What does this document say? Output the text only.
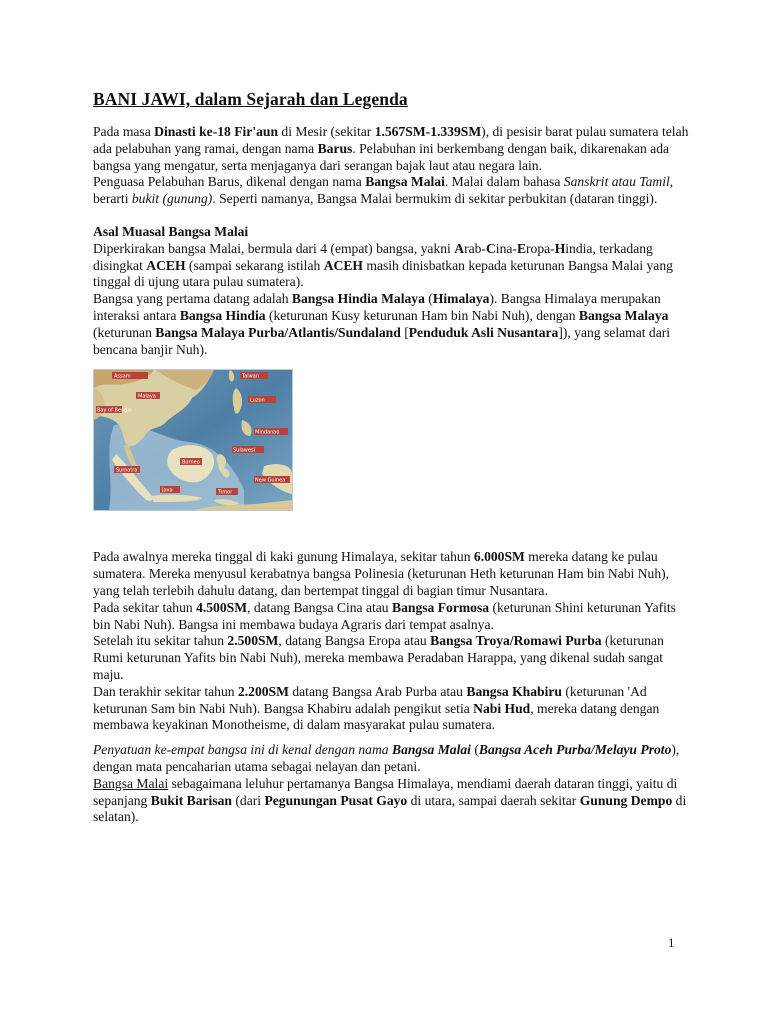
BANI JAWI, dalam Sejarah dan Legenda

Pada masa Dinasti ke-18 Fir'aun di Mesir (sekitar 1.567SM-1.339SM), di pesisir barat pulau sumatera telah ada pelabuhan yang ramai, dengan nama Barus. Pelabuhan ini berkembang dengan baik, dikarenakan ada bangsa yang mengatur, serta menjaganya dari serangan bajak laut atau negara lain.

Penguasa Pelabuhan Barus, dikenal dengan nama Bangsa Malai. Malai dalam bahasa Sanskrit atau Tamil, berarti bukit (gunung). Seperti namanya, Bangsa Malai bermukim di sekitar perbukitan (dataran tinggi).

Asal Muasal Bangsa Malai

Diperkirakan bangsa Malai, bermula dari 4 (empat) bangsa, yakni Arab-Cina-Eropa-Hindia, terkadang disingkat ACEH (sampai sekarang istilah ACEH masih dinisbatkan kepada keturunan Bangsa Malai yang tinggal di ujung utara pulau sumatera).

Bangsa yang pertama datang adalah Bangsa Hindia Malaya (Himalaya). Bangsa Himalaya merupakan interaksi antara Bangsa Hindia (keturunan Kusy keturunan Ham bin Nabi Nuh), dengan Bangsa Malaya (keturunan Bangsa Malaya Purba/Atlantis/Sundaland [Penduduk Asli Nusantara]), yang selamat dari bencana banjir Nuh).

Assam
Bay of Bengal
Malaya
Sumatra
Borneo
Java
Taiwan
Luzon
Mindanao
Sulawesi
New Guinea
Timor

Pada awalnya mereka tinggal di kaki gunung Himalaya, sekitar tahun 6.000SM mereka datang ke pulau sumatera. Mereka menyusul kerabatnya bangsa Polinesia (keturunan Heth keturunan Ham bin Nabi Nuh), yang telah terlebih dahulu datang, dan bertempat tinggal di bagian timur Nusantara.

Pada sekitar tahun 4.500SM, datang Bangsa Cina atau Bangsa Formosa (keturunan Shini keturunan Yafits bin Nabi Nuh). Bangsa ini membawa budaya Agraris dari tempat asalnya.

Setelah itu sekitar tahun 2.500SM, datang Bangsa Eropa atau Bangsa Troya/Romawi Purba (keturunan Rumi keturunan Yafits bin Nabi Nuh), mereka membawa Peradaban Harappa, yang dikenal sudah sangat maju.

Dan terakhir sekitar tahun 2.200SM datang Bangsa Arab Purba atau Bangsa Khabiru (keturunan 'Ad keturunan Sam bin Nabi Nuh). Bangsa Khabiru adalah pengikut setia Nabi Hud, mereka datang dengan membawa keyakinan Monotheisme, di dalam masyarakat pulau sumatera.

Penyatuan ke-empat bangsa ini di kenal dengan nama Bangsa Malai (Bangsa Aceh Purba/Melayu Proto), dengan mata pencaharian utama sebagai nelayan dan petani.

Bangsa Malai sebagaimana leluhur pertamanya Bangsa Himalaya, mendiami daerah dataran tinggi, yaitu di sepanjang Bukit Barisan (dari Pegunungan Pusat Gayo di utara, sampai daerah sekitar Gunung Dempo di selatan).

1
